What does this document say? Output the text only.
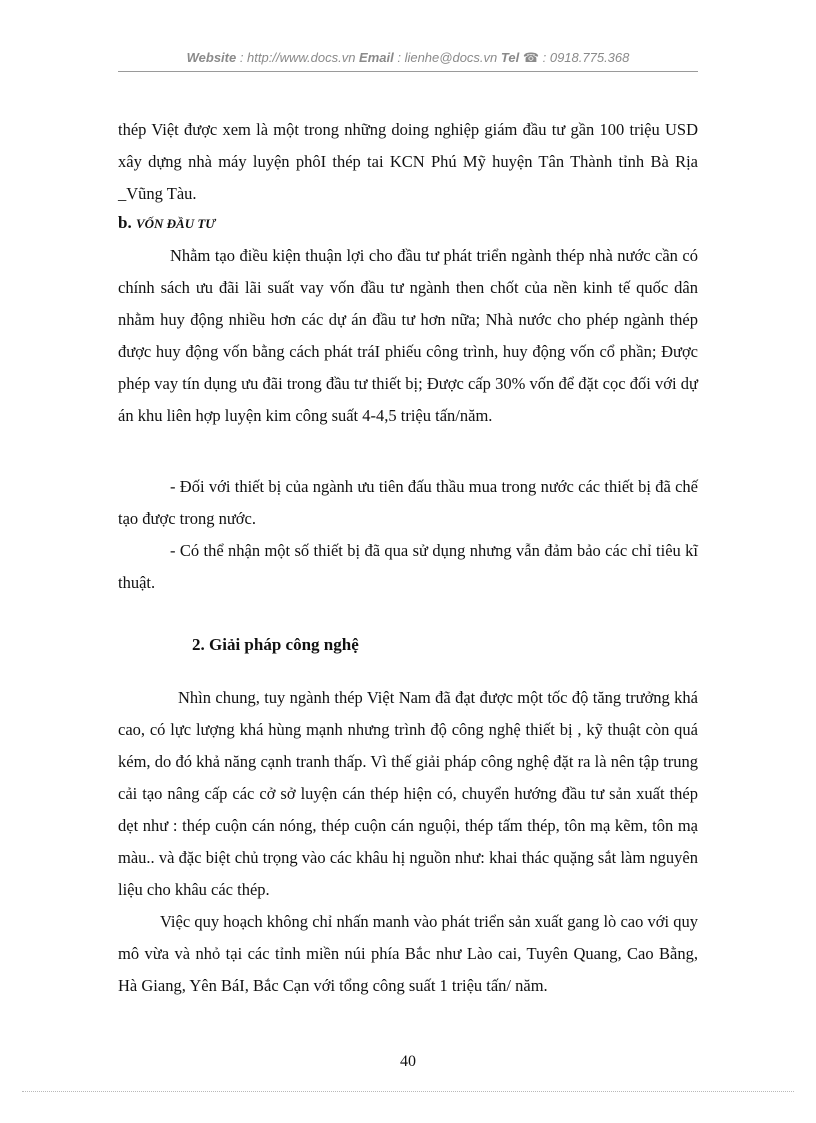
Website : http://www.docs.vn Email : lienhe@docs.vn Tel ☎ : 0918.775.368

thép Việt được xem là một trong những doing nghiệp giám đầu tư gần 100 triệu USD xây dựng nhà máy luyện phôI thép tai KCN Phú Mỹ huyện Tân Thành tỉnh Bà Rịa _Vũng Tàu.

b. VỐN ĐẦU TƯ

Nhằm tạo điều kiện thuận lợi cho đầu tư phát triển ngành thép nhà nước cần có chính sách ưu đãi lãi suất vay vốn đầu tư ngành then chốt của nền kinh tế quốc dân nhằm huy động nhiều hơn các dự án đầu tư hơn nữa; Nhà nước cho phép ngành thép được huy động vốn bằng cách phát tráI phiếu công trình, huy động vốn cổ phần; Được phép vay tín dụng ưu đãi trong đầu tư thiết bị; Được cấp 30% vốn để đặt cọc đối với dự án khu liên hợp luyện kim công suất 4-4,5 triệu tấn/năm.

- Đối với thiết bị của ngành ưu tiên đấu thầu mua trong nước các thiết bị đã chế tạo được trong nước.

- Có thể nhận một số thiết bị đã qua sử dụng nhưng vẫn đảm bảo các chỉ tiêu kĩ thuật.

2. Giải pháp công nghệ

Nhìn chung, tuy ngành thép Việt Nam đã đạt được một tốc độ tăng trưởng khá cao, có lực lượng khá hùng mạnh nhưng trình độ công nghệ thiết bị , kỹ thuật còn quá kém, do đó khả năng cạnh tranh thấp. Vì thế giải pháp công nghệ đặt ra là nên tập trung cải tạo nâng cấp các cở sở luyện cán thép hiện có, chuyển hướng đầu tư sản xuất thép dẹt như : thép cuộn cán nóng, thép cuộn cán nguội, thép tấm thép, tôn mạ kẽm, tôn mạ màu.. và đặc biệt chủ trọng vào các khâu hị nguồn như: khai thác quặng sắt làm nguyên liệu cho khâu các thép.

Việc quy hoạch không chỉ nhấn manh vào phát triển sản xuất gang lò cao với quy mô vừa và nhỏ tại các tỉnh miền núi phía Bắc như Lào cai, Tuyên Quang, Cao Bằng, Hà Giang, Yên BáI, Bắc Cạn với tổng công suất 1 triệu tấn/ năm.

40
